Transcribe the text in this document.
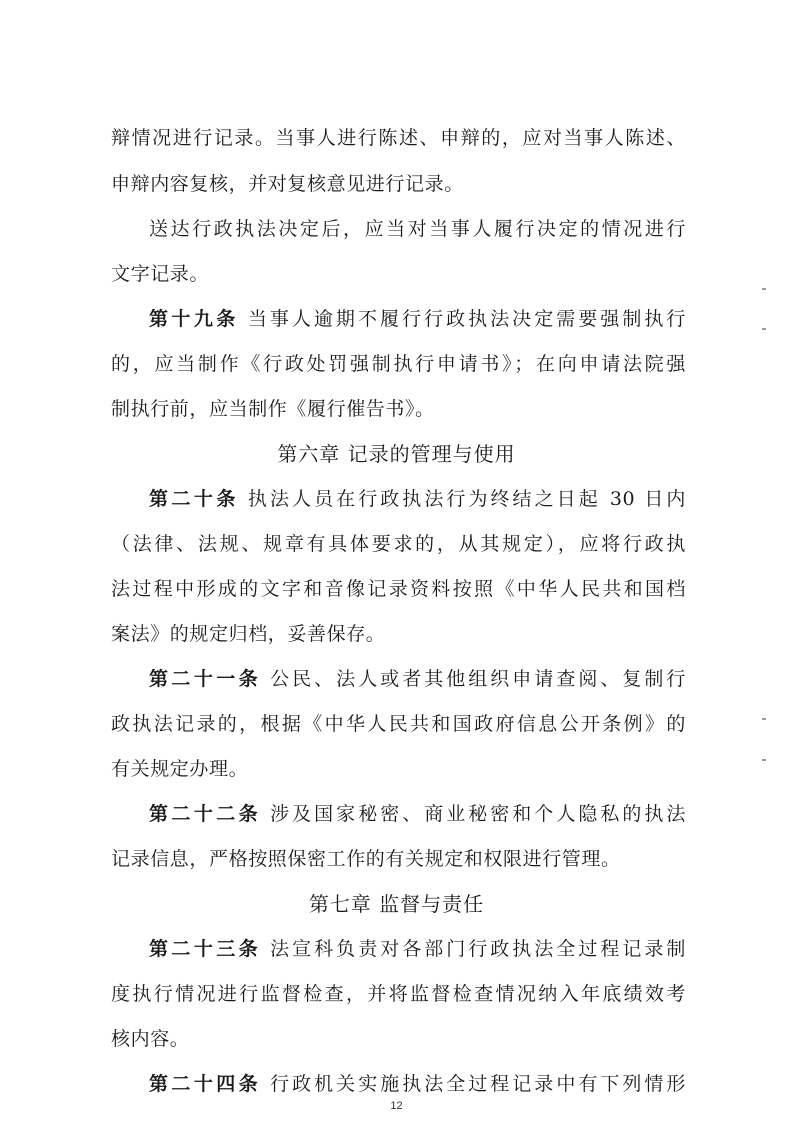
辩情况进行记录。当事人进行陈述、申辩的，应对当事人陈述、
申辩内容复核，并对复核意见进行记录。
送达行政执法决定后，应当对当事人履行决定的情况进行
文字记录。
第十九条 当事人逾期不履行行政执法决定需要强制执行
的，应当制作《行政处罚强制执行申请书》；在向申请法院强
制执行前，应当制作《履行催告书》。
第六章 记录的管理与使用
第二十条 执法人员在行政执法行为终结之日起 30 日内
（法律、法规、规章有具体要求的，从其规定），应将行政执
法过程中形成的文字和音像记录资料按照《中华人民共和国档
案法》的规定归档，妥善保存。
第二十一条 公民、法人或者其他组织申请查阅、复制行
政执法记录的，根据《中华人民共和国政府信息公开条例》的
有关规定办理。
第二十二条 涉及国家秘密、商业秘密和个人隐私的执法
记录信息，严格按照保密工作的有关规定和权限进行管理。
第七章 监督与责任
第二十三条 法宣科负责对各部门行政执法全过程记录制
度执行情况进行监督检查，并将监督检查情况纳入年底绩效考
核内容。
第二十四条 行政机关实施执法全过程记录中有下列情形
12
